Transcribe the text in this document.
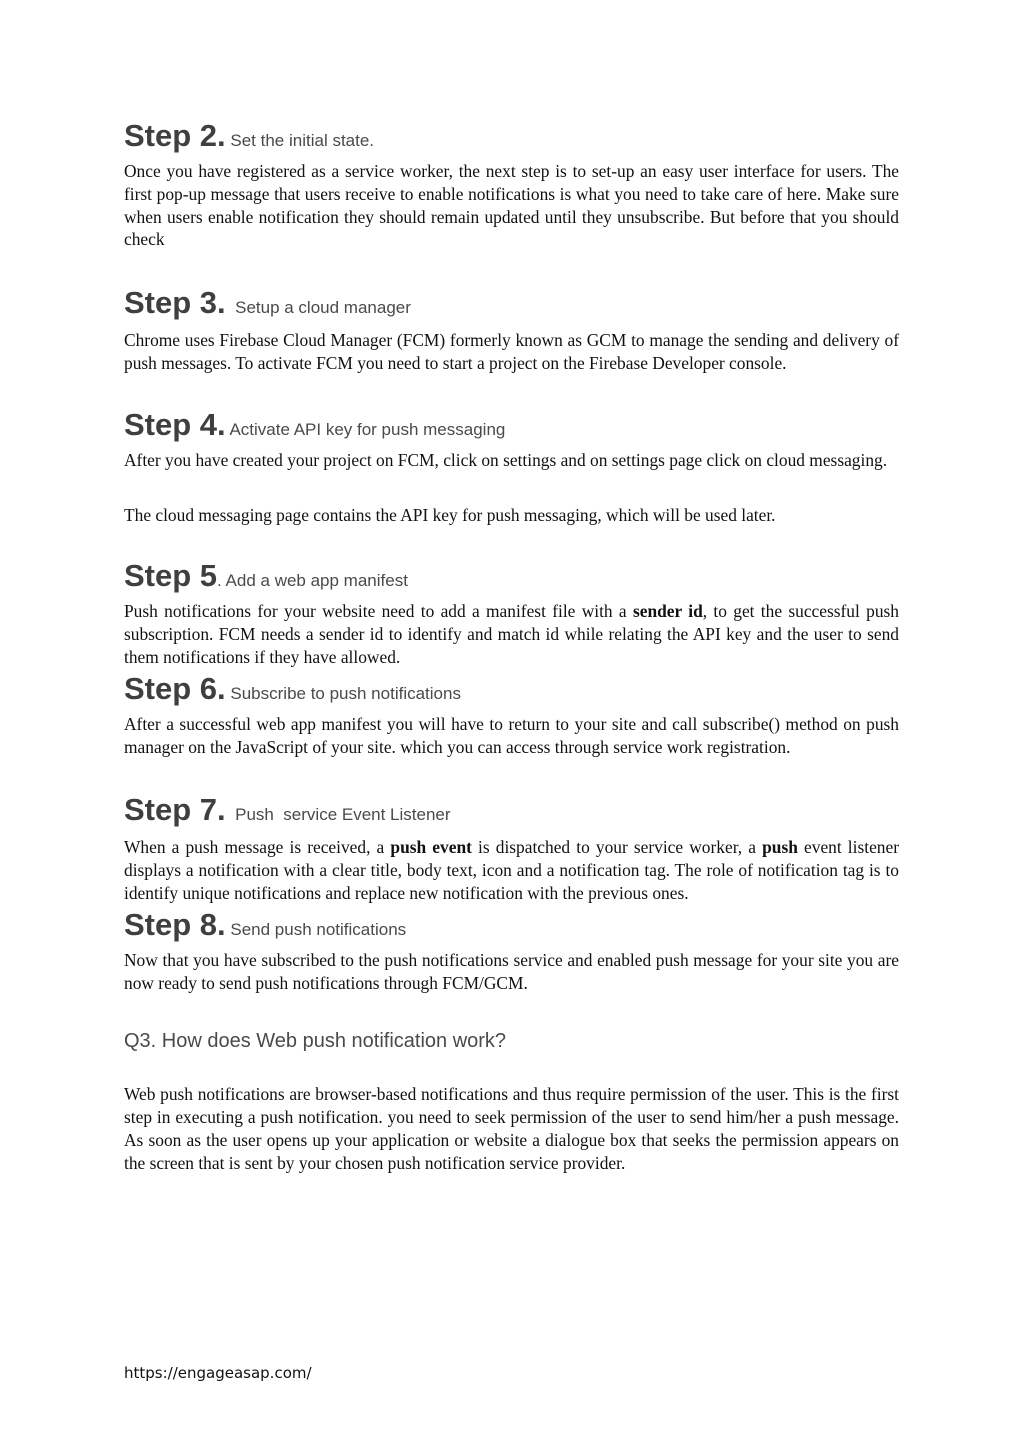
Step 2. Set the initial state.

Once you have registered as a service worker, the next step is to set-up an easy user interface for users. The first pop-up message that users receive to enable notifications is what you need to take care of here. Make sure when users enable notification they should remain updated until they unsubscribe. But before that you should check

Step 3.  Setup a cloud manager

Chrome uses Firebase Cloud Manager (FCM) formerly known as GCM to manage the sending and delivery of push messages. To activate FCM you need to start a project on the Firebase Developer console.

Step 4. Activate API key for push messaging

After you have created your project on FCM, click on settings and on settings page click on cloud messaging.

The cloud messaging page contains the API key for push messaging, which will be used later.

Step 5. Add a web app manifest

Push notifications for your website need to add a manifest file with a sender id, to get the successful push subscription. FCM needs a sender id to identify and match id while relating the API key and the user to send them notifications if they have allowed.

Step 6. Subscribe to push notifications

After a successful web app manifest you will have to return to your site and call subscribe() method on push manager on the JavaScript of your site. which you can access through service work registration.

Step 7.  Push  service Event Listener

When a push message is received, a push event is dispatched to your service worker, a push event listener displays a notification with a clear title, body text, icon and a notification tag. The role of notification tag is to identify unique notifications and replace new notification with the previous ones.

Step 8. Send push notifications

Now that you have subscribed to the push notifications service and enabled push message for your site you are now ready to send push notifications through FCM/GCM.

Q3. How does Web push notification work?

Web push notifications are browser-based notifications and thus require permission of the user. This is the first step in executing a push notification. you need to seek permission of the user to send him/her a push message. As soon as the user opens up your application or website a dialogue box that seeks the permission appears on the screen that is sent by your chosen push notification service provider.

https://engageasap.com/
